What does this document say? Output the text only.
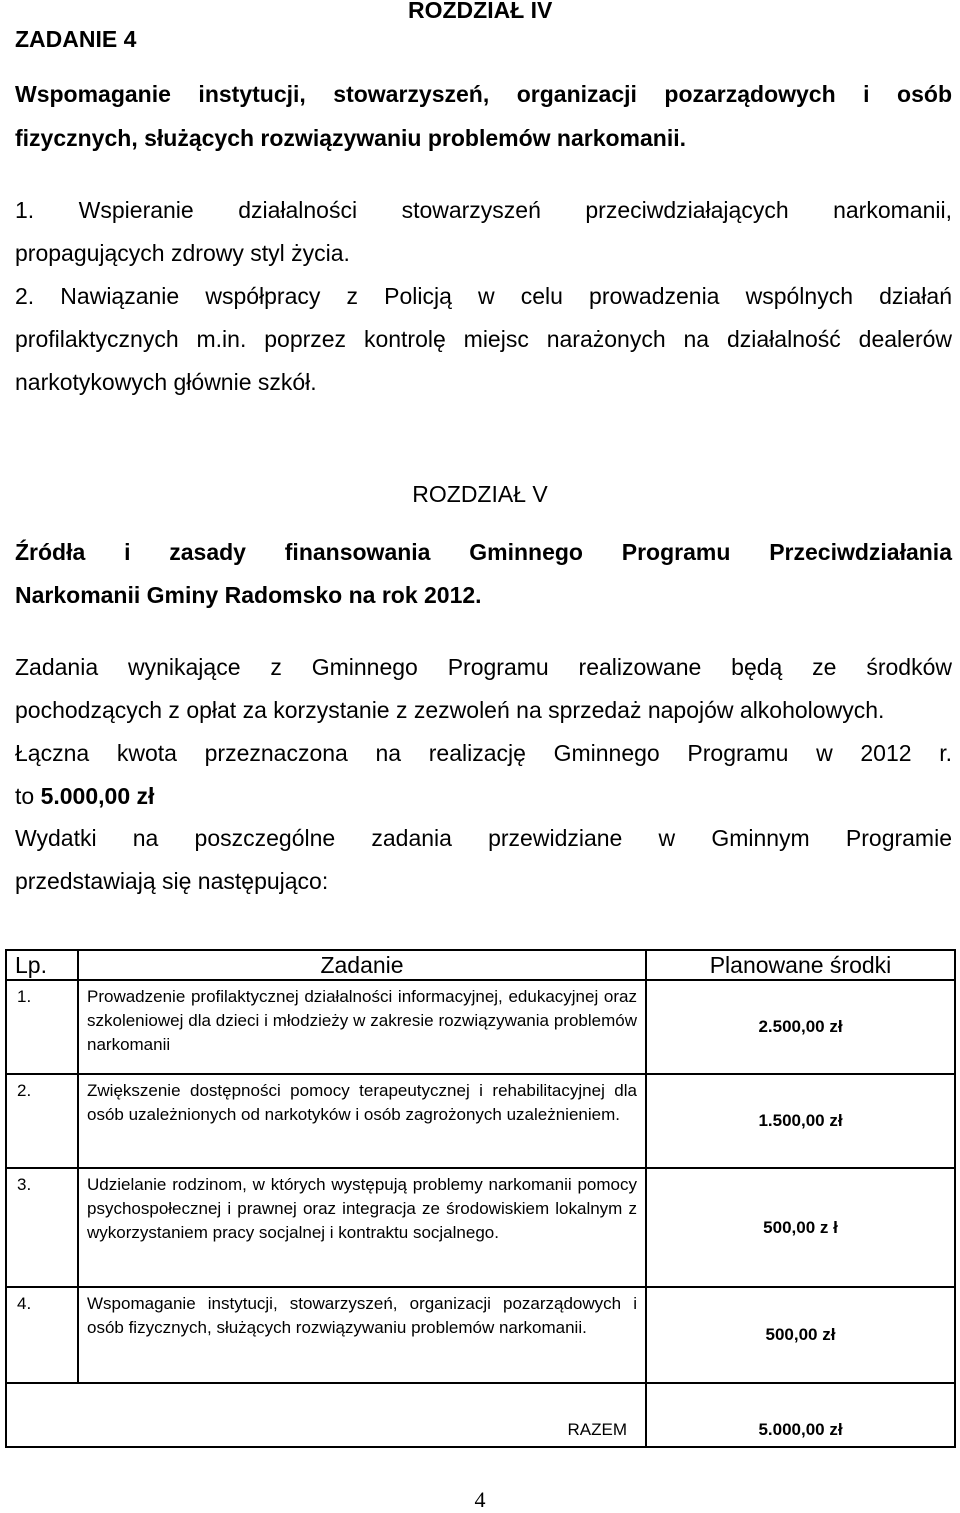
ZADANIE 4
ROZDZIAŁ IV
Wspomaganie instytucji, stowarzyszeń, organizacji pozarządowych i osób
fizycznych, służących rozwiązywaniu problemów narkomanii.
1. Wspieranie działalności stowarzyszeń przeciwdziałających narkomanii,
propagujących zdrowy styl życia.
2. Nawiązanie współpracy z Policją w celu prowadzenia wspólnych działań
profilaktycznych m.in. poprzez kontrolę miejsc narażonych na działalność dealerów
narkotykowych głównie szkół.
ROZDZIAŁ V
Źródła i zasady finansowania Gminnego Programu Przeciwdziałania
Narkomanii Gminy Radomsko na rok 2012.
Zadania wynikające z Gminnego Programu realizowane będą ze środków
pochodzących z opłat za korzystanie z zezwoleń na sprzedaż napojów alkoholowych.
Łączna kwota przeznaczona na realizację Gminnego Programu w 2012 r.
to 5.000,00 zł
Wydatki na poszczególne zadania przewidziane w Gminnym Programie
przedstawiają się następująco:
Lp.	Zadanie	Planowane środki
1.	Prowadzenie profilaktycznej działalności informacyjnej, edukacyjnej oraz szkoleniowej dla dzieci i młodzieży w zakresie rozwiązywania problemów narkomanii	2.500,00 zł
2.	Zwiększenie dostępności pomocy terapeutycznej i rehabilitacyjnej dla osób uzależnionych od narkotyków i osób zagrożonych uzależnieniem.	1.500,00 zł
3.	Udzielanie rodzinom, w których występują problemy narkomanii pomocy psychospołecznej i prawnej oraz integracja ze środowiskiem lokalnym z wykorzystaniem pracy socjalnej i kontraktu socjalnego.	500,00 z ł
4.	Wspomaganie instytucji, stowarzyszeń, organizacji pozarządowych i osób fizycznych, służących rozwiązywaniu problemów narkomanii.	500,00 zł
RAZEM		5.000,00 zł
4
